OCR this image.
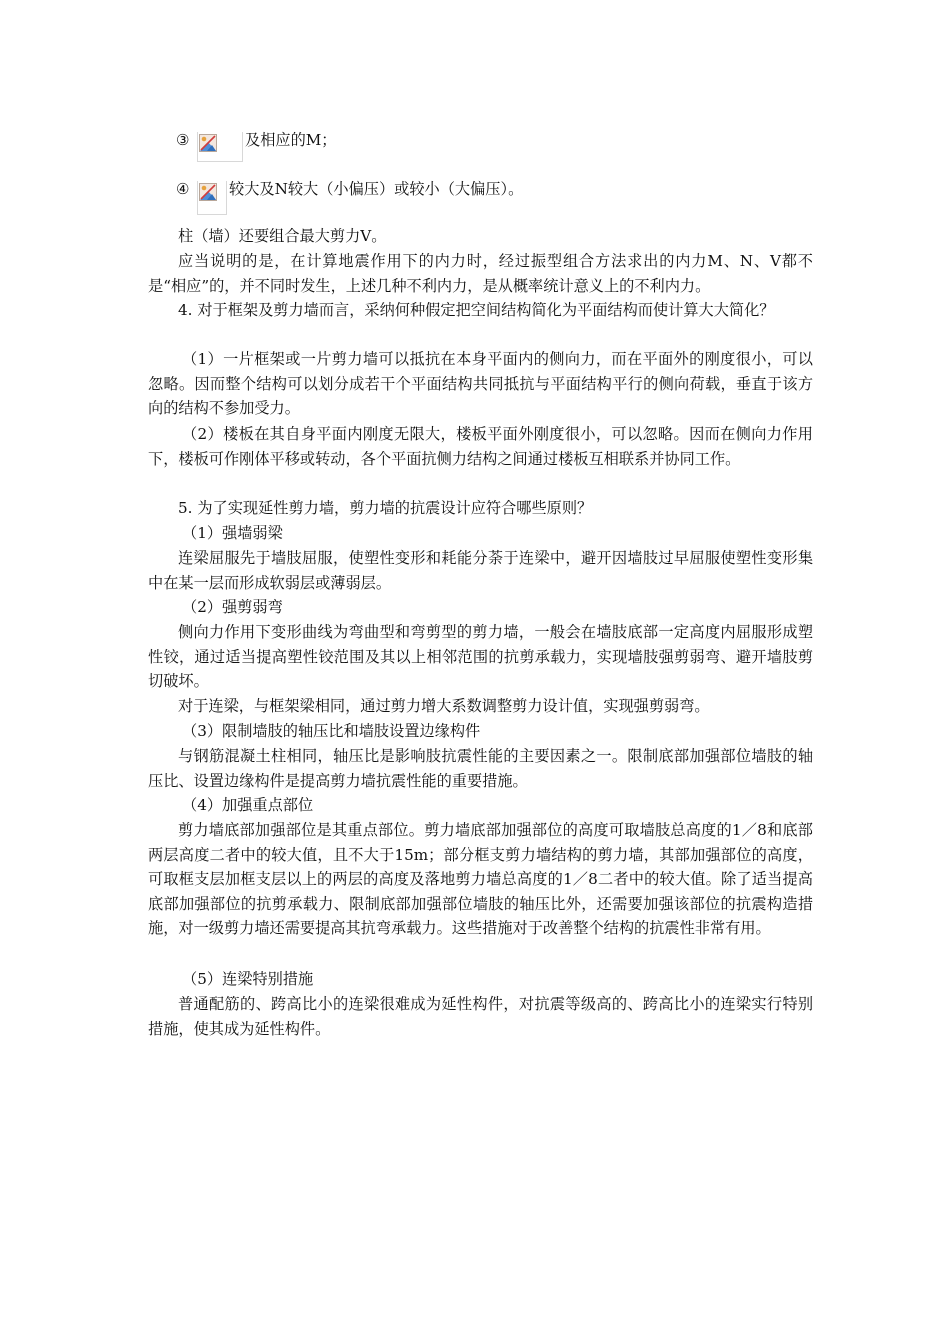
③	及相应的M；
④	较大及N较大（小偏压）或较小（大偏压）。

柱（墙）还要组合最大剪力V。

应当说明的是，在计算地震作用下的内力时，经过振型组合方法求出的内力M、N、V都不是“相应”的，并不同时发生，上述几种不利内力，是从概率统计意义上的不利内力。

4. 对于框架及剪力墙而言，采纳何种假定把空间结构简化为平面结构而使计算大大简化？

（1）一片框架或一片剪力墙可以抵抗在本身平面内的侧向力，而在平面外的刚度很小，可以忽略。因而整个结构可以划分成若干个平面结构共同抵抗与平面结构平行的侧向荷载，垂直于该方向的结构不参加受力。

（2）楼板在其自身平面内刚度无限大，楼板平面外刚度很小，可以忽略。因而在侧向力作用下，楼板可作刚体平移或转动，各个平面抗侧力结构之间通过楼板互相联系并协同工作。

5. 为了实现延性剪力墙，剪力墙的抗震设计应符合哪些原则？

（1）强墙弱梁

连梁屈服先于墙肢屈服，使塑性变形和耗能分荼于连梁中，避开因墙肢过早屈服使塑性变形集中在某一层而形成软弱层或薄弱层。

（2）强剪弱弯

侧向力作用下变形曲线为弯曲型和弯剪型的剪力墙，一般会在墙肢底部一定高度内屈服形成塑性铰，通过适当提高塑性铰范围及其以上相邻范围的抗剪承载力，实现墙肢强剪弱弯、避开墙肢剪切破坏。

对于连梁，与框架梁相同，通过剪力增大系数调整剪力设计值，实现强剪弱弯。

（3）限制墙肢的轴压比和墙肢设置边缘构件

与钢筋混凝土柱相同，轴压比是影响肢抗震性能的主要因素之一。限制底部加强部位墙肢的轴压比、设置边缘构件是提高剪力墙抗震性能的重要措施。

（4）加强重点部位

剪力墙底部加强部位是其重点部位。剪力墙底部加强部位的高度可取墙肢总高度的1／8和底部两层高度二者中的较大值，且不大于15m；部分框支剪力墙结构的剪力墙，其部加强部位的高度，可取框支层加框支层以上的两层的高度及落地剪力墙总高度的1／8二者中的较大值。除了适当提高底部加强部位的抗剪承载力、限制底部加强部位墙肢的轴压比外，还需要加强该部位的抗震构造措施，对一级剪力墙还需要提高其抗弯承载力。这些措施对于改善整个结构的抗震性非常有用。

（5）连梁特别措施

普通配筋的、跨高比小的连梁很难成为延性构件，对抗震等级高的、跨高比小的连梁实行特别措施，使其成为延性构件。
